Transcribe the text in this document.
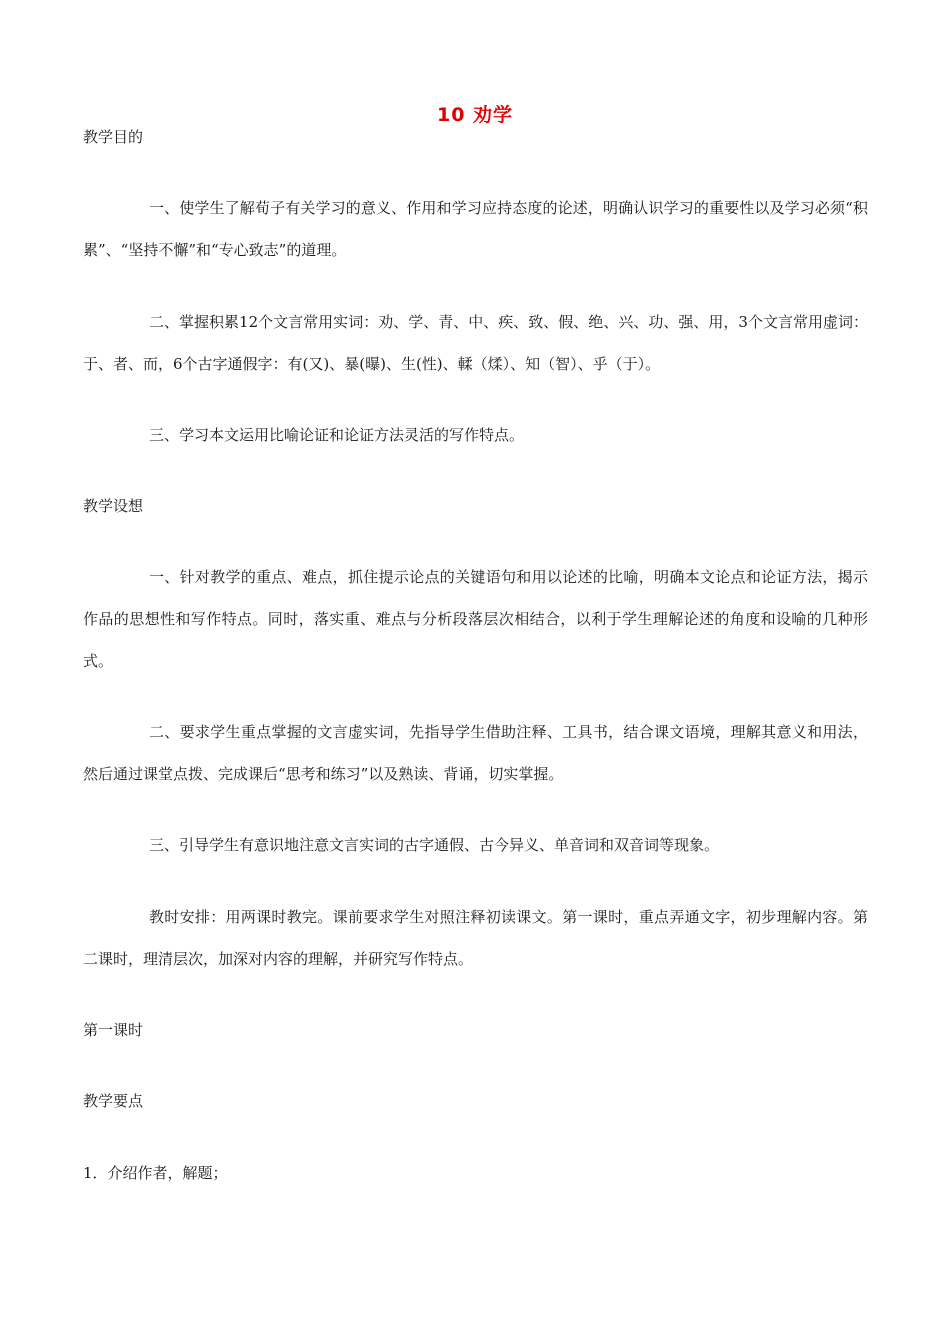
10 劝学

教学目的

一、使学生了解荀子有关学习的意义、作用和学习应持态度的论述，明确认识学习的重要性以及学习必须“积累”、“坚持不懈”和“专心致志”的道理。

二、掌握积累12个文言常用实词：劝、学、青、中、疾、致、假、绝、兴、功、强、用，3个文言常用虚词：于、者、而，6个古字通假字：有(又)、暴(曝)、生(性)、輮（煣）、知（智）、乎（于）。

三、学习本文运用比喻论证和论证方法灵活的写作特点。

教学设想

一、针对教学的重点、难点，抓住提示论点的关键语句和用以论述的比喻，明确本文论点和论证方法，揭示作品的思想性和写作特点。同时，落实重、难点与分析段落层次相结合，以利于学生理解论述的角度和设喻的几种形式。

二、要求学生重点掌握的文言虚实词，先指导学生借助注释、工具书，结合课文语境，理解其意义和用法，然后通过课堂点拨、完成课后“思考和练习”以及熟读、背诵，切实掌握。

三、引导学生有意识地注意文言实词的古字通假、古今异义、单音词和双音词等现象。

教时安排：用两课时教完。课前要求学生对照注释初读课文。第一课时，重点弄通文字，初步理解内容。第二课时，理清层次，加深对内容的理解，并研究写作特点。

第一课时

教学要点

1．介绍作者，解题；
